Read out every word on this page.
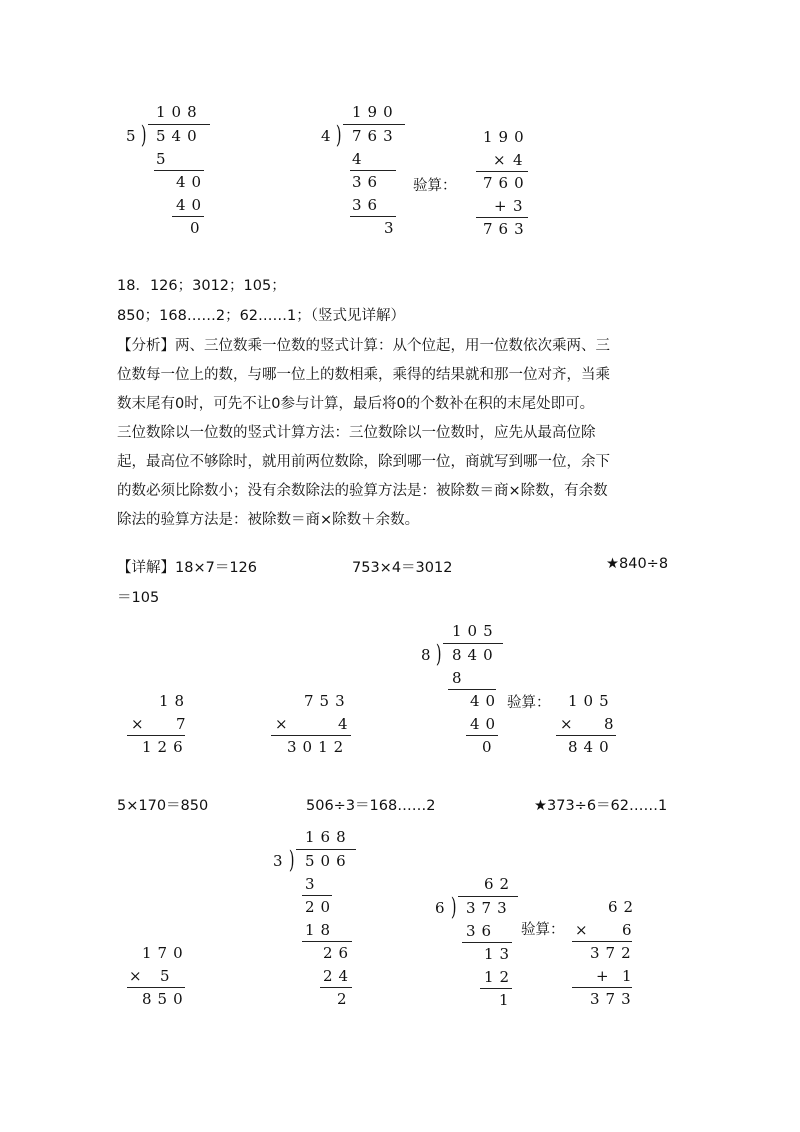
108
5 ) 540
5
40
40
0
190
4 ) 763
4
36
36
3
验算：
190
× 4
760
+ 3
763
18．126；3012；105；
850；168……2；62……1；（竖式见详解）
【分析】两、三位数乘一位数的竖式计算：从个位起，用一位数依次乘两、三
位数每一位上的数，与哪一位上的数相乘，乘得的结果就和那一位对齐，当乘
数末尾有0时，可先不让0参与计算，最后将0的个数补在积的末尾处即可。
三位数除以一位数的竖式计算方法：三位数除以一位数时，应先从最高位除
起，最高位不够除时，就用前两位数除，除到哪一位，商就写到哪一位，余下
的数必须比除数小；没有余数除法的验算方法是：被除数＝商×除数，有余数
除法的验算方法是：被除数＝商×除数＋余数。
【详解】18×7＝126	753×4＝3012	★840÷8
＝105
18
× 7
126
753
×	4
3012
105
8 ) 840
8
40
40
0
验算： 105
× 8
840
5×170＝850	506÷3＝168……2	★373÷6＝62……1
170
× 5
850
168
3 ) 506
3
20
18
26
24
2
62
6 ) 373
36
13
12
1
验算：
62
× 6
372
+ 1
373
